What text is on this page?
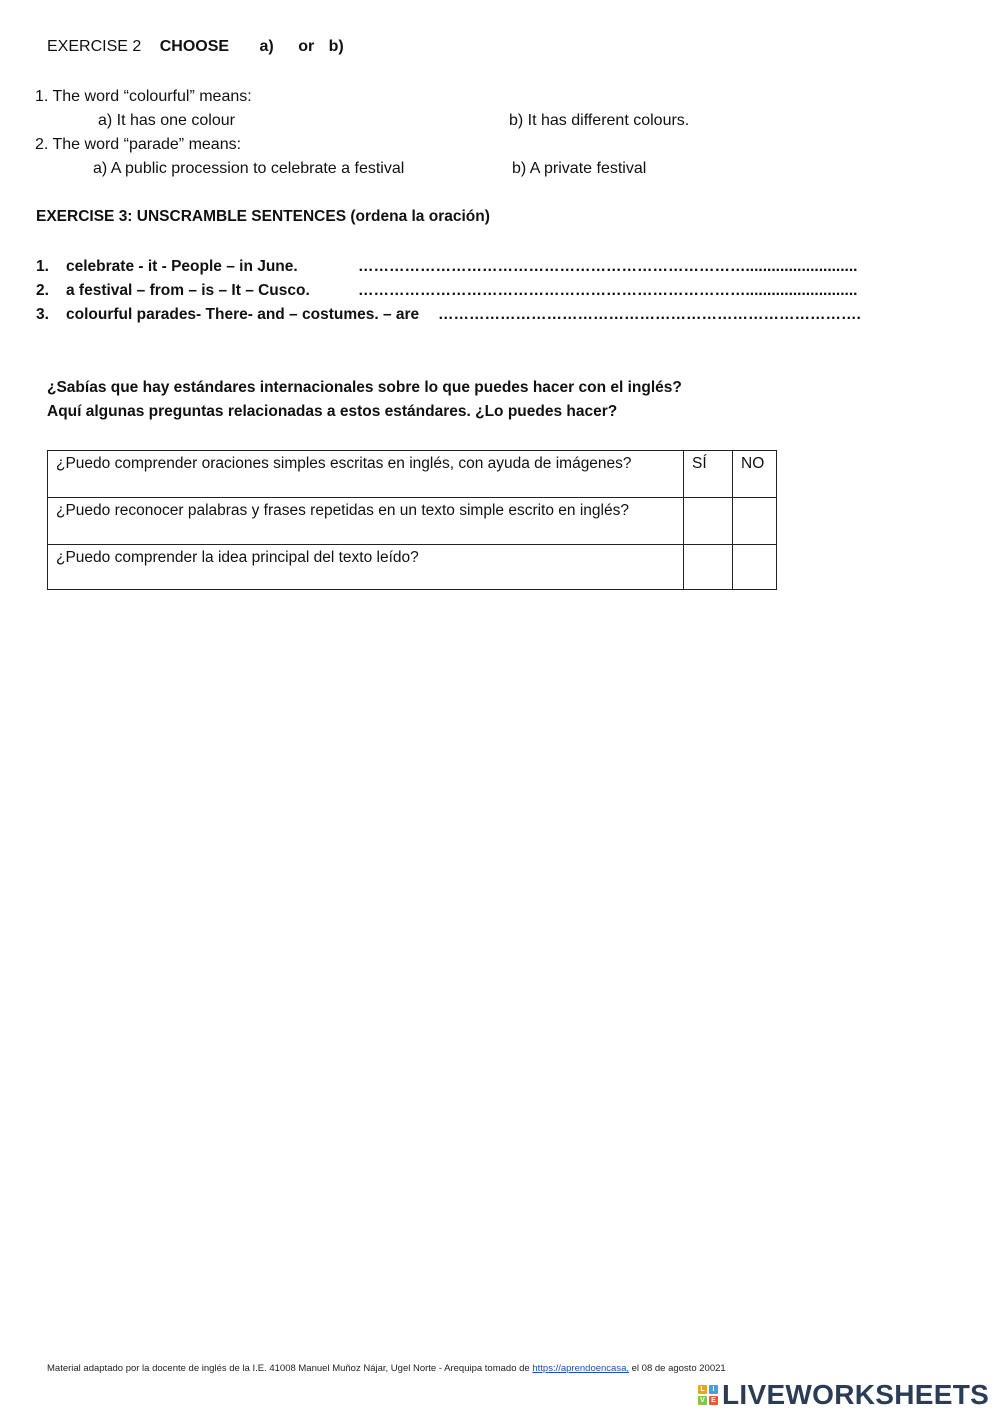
EXERCISE 2 CHOOSE a) or b)
1. The word “colourful” means:
a) It has one colour	b) It has different colours.
2. The word “parade” means:
a) A public procession to celebrate a festival	b) A private festival
EXERCISE 3: UNSCRAMBLE SENTENCES (ordena la oración)
1. celebrate - it - People – in June.	…………………………………………………………………..........................
2. a festival – from – is – It – Cusco.	…………………………………………………………………..........................
3. colourful parades- There- and – costumes. – are ……………………………………………………………………….
¿Sabías que hay estándares internacionales sobre lo que puedes hacer con el inglés?
Aquí algunas preguntas relacionadas a estos estándares. ¿Lo puedes hacer?
¿Puedo comprender oraciones simples escritas en inglés, con ayuda de imágenes?	SÍ	NO
¿Puedo reconocer palabras y frases repetidas en un texto simple escrito en inglés?		
¿Puedo comprender la idea principal del texto leído?		
Material adaptado por la docente de inglés de la I.E. 41008 Manuel Muñoz Nájar, Ugel Norte - Arequipa tomado de https://aprendoencasa, el 08 de agosto 20021
L	I
V E LIVEWORKSHEETS
